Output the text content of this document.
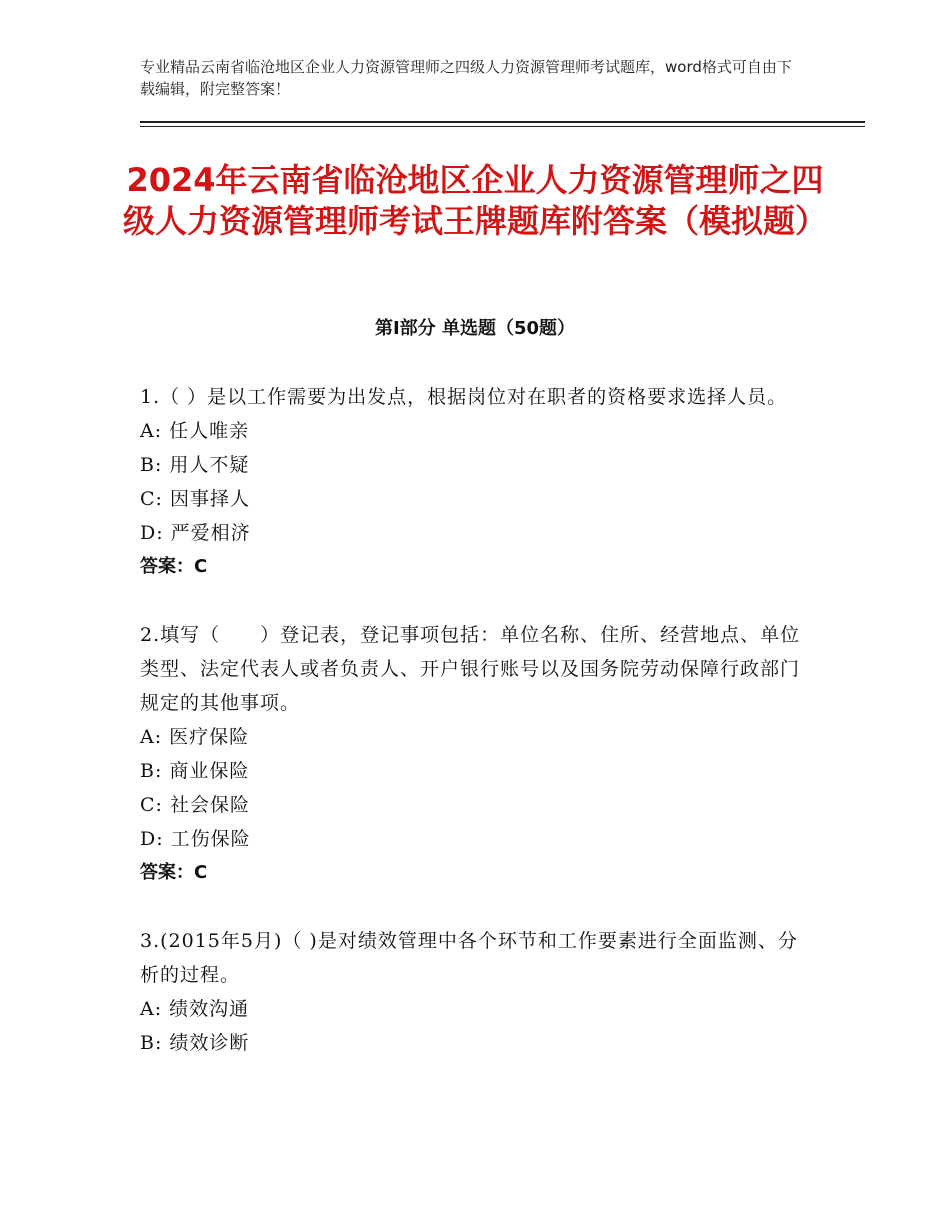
专业精品云南省临沧地区企业人力资源管理师之四级人力资源管理师考试题库，word格式可自由下载编辑，附完整答案！
2024年云南省临沧地区企业人力资源管理师之四级人力资源管理师考试王牌题库附答案（模拟题）
第Ⅰ部分 单选题（50题）
1.（ ）是以工作需要为出发点，根据岗位对在职者的资格要求选择人员。
A: 任人唯亲
B: 用人不疑
C: 因事择人
D: 严爱相济
答案：C
2.填写（　　）登记表，登记事项包括：单位名称、住所、经营地点、单位类型、法定代表人或者负责人、开户银行账号以及国务院劳动保障行政部门规定的其他事项。
A: 医疗保险
B: 商业保险
C: 社会保险
D: 工伤保险
答案：C
3.(2015年5月)（ )是对绩效管理中各个环节和工作要素进行全面监测、分析的过程。
A: 绩效沟通
B: 绩效诊断
